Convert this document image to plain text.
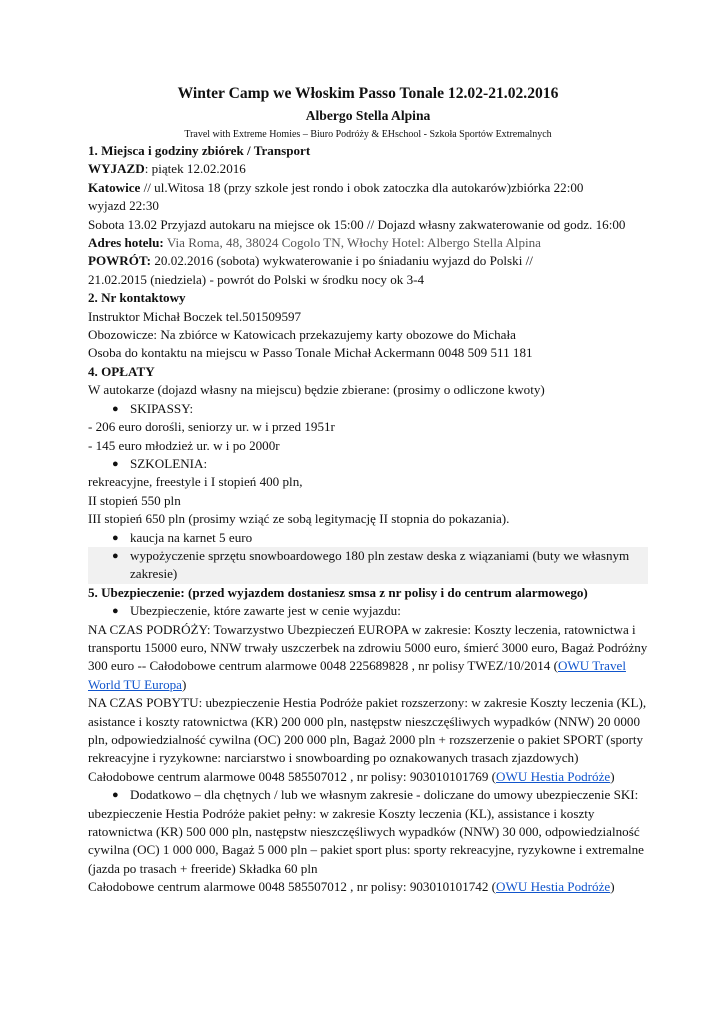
Winter Camp we Włoskim Passo Tonale 12.02-21.02.2016

Albergo Stella Alpina

Travel with Extreme Homies – Biuro Podróży & EHschool - Szkoła Sportów Extremalnych

1. Miejsca i godziny zbiórek / Transport

WYJAZD: piątek 12.02.2016

Katowice // ul.Witosa 18 (przy szkole jest rondo i obok zatoczka dla autokarów)zbiórka 22:00

wyjazd 22:30

Sobota 13.02 Przyjazd autokaru na miejsce ok 15:00 // Dojazd własny zakwaterowanie od godz. 16:00

Adres hotelu: Via Roma, 48, 38024 Cogolo TN, Włochy Hotel: Albergo Stella Alpina

POWRÓT: 20.02.2016 (sobota) wykwaterowanie i po śniadaniu wyjazd do Polski //

21.02.2015 (niedziela) - powrót do Polski w środku nocy ok 3-4

2. Nr kontaktowy

Instruktor Michał Boczek tel.501509597

Obozowicze: Na zbiórce w Katowicach przekazujemy karty obozowe do Michała

Osoba do kontaktu na miejscu w Passo Tonale Michał Ackermann 0048 509 511 181

4. OPŁATY

W autokarze (dojazd własny na miejscu) będzie zbierane: (prosimy o odliczone kwoty)

● SKIPASSY:

- 206 euro dorośli, seniorzy ur. w i przed 1951r

- 145 euro młodzież ur. w i po 2000r

● SZKOLENIA:

rekreacyjne, freestyle i I stopień 400 pln,

II stopień 550 pln

III stopień 650 pln (prosimy wziąć ze sobą legitymację II stopnia do pokazania).

● kaucja na karnet 5 euro

● wypożyczenie sprzętu snowboardowego 180 pln zestaw deska z wiązaniami (buty we własnym zakresie)

5. Ubezpieczenie: (przed wyjazdem dostaniesz smsa z nr polisy i do centrum alarmowego)

● Ubezpieczenie, które zawarte jest w cenie wyjazdu:

NA CZAS PODRÓŻY: Towarzystwo Ubezpieczeń EUROPA w zakresie: Koszty leczenia, ratownictwa i transportu 15000 euro, NNW trwały uszczerbek na zdrowiu 5000 euro, śmierć 3000 euro, Bagaż Podróżny 300 euro -- Całodobowe centrum alarmowe 0048 225689828 , nr polisy TWEZ/10/2014 (OWU Travel World TU Europa)

NA CZAS POBYTU: ubezpieczenie Hestia Podróże pakiet rozszerzony: w zakresie Koszty leczenia (KL), asistance i koszty ratownictwa (KR) 200 000 pln, następstw nieszczęśliwych wypadków (NNW) 20 0000 pln, odpowiedzialność cywilna (OC) 200 000 pln, Bagaż 2000 pln + rozszerzenie o pakiet SPORT (sporty rekreacyjne i ryzykowne: narciarstwo i snowboarding po oznakowanych trasach zjazdowych)

Całodobowe centrum alarmowe 0048 585507012 , nr polisy: 903010101769 (OWU Hestia Podróże)

● Dodatkowo – dla chętnych / lub we własnym zakresie - doliczane do umowy ubezpieczenie SKI:

ubezpieczenie Hestia Podróże pakiet pełny: w zakresie Koszty leczenia (KL), assistance i koszty ratownictwa (KR) 500 000 pln, następstw nieszczęśliwych wypadków (NNW) 30 000, odpowiedzialność cywilna (OC) 1 000 000, Bagaż 5 000 pln – pakiet sport plus: sporty rekreacyjne, ryzykowne i extremalne (jazda po trasach + freeride) Składka 60 pln

Całodobowe centrum alarmowe 0048 585507012 , nr polisy: 903010101742 (OWU Hestia Podróże)
